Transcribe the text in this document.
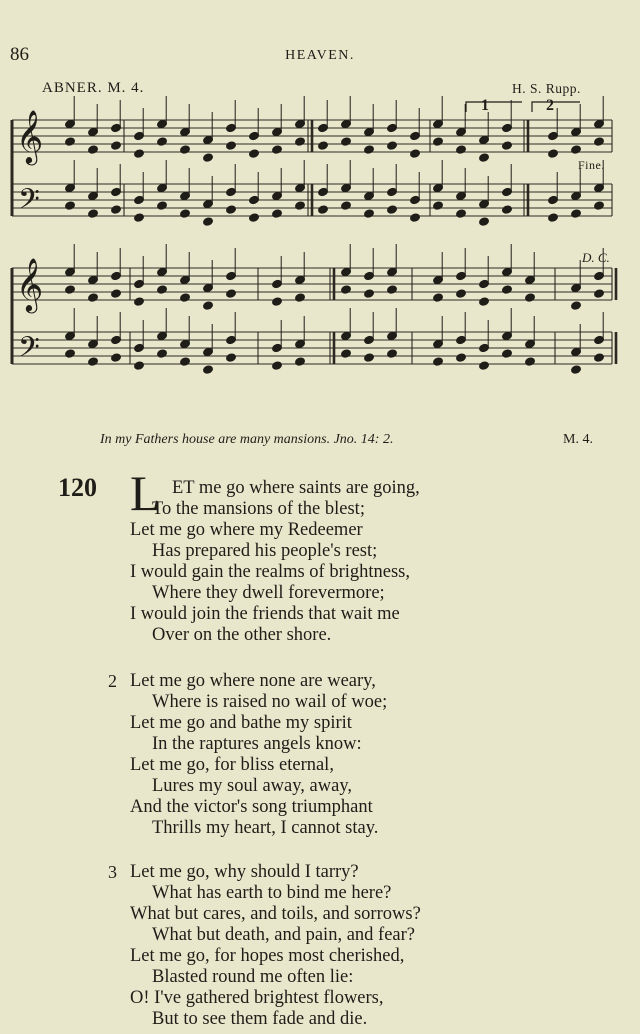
86	HEAVEN.
ABNER. M. 4.	H. S. Rupp.
𝄞
𝄢
𝄞
𝄢
1	2
Fine.
D. C.
In my Fathers house are many mansions. Jno. 14: 2.	M. 4.
120 L ET me go where saints are going,
To the mansions of the blest;
Let me go where my Redeemer
Has prepared his people's rest;
I would gain the realms of brightness,
Where they dwell forevermore;
I would join the friends that wait me
Over on the other shore.
2 Let me go where none are weary,
Where is raised no wail of woe;
Let me go and bathe my spirit
In the raptures angels know:
Let me go, for bliss eternal,
Lures my soul away, away,
And the victor's song triumphant
Thrills my heart, I cannot stay.
3 Let me go, why should I tarry?
What has earth to bind me here?
What but cares, and toils, and sorrows?
What but death, and pain, and fear?
Let me go, for hopes most cherished,
Blasted round me often lie:
O! I've gathered brightest flowers,
But to see them fade and die.
